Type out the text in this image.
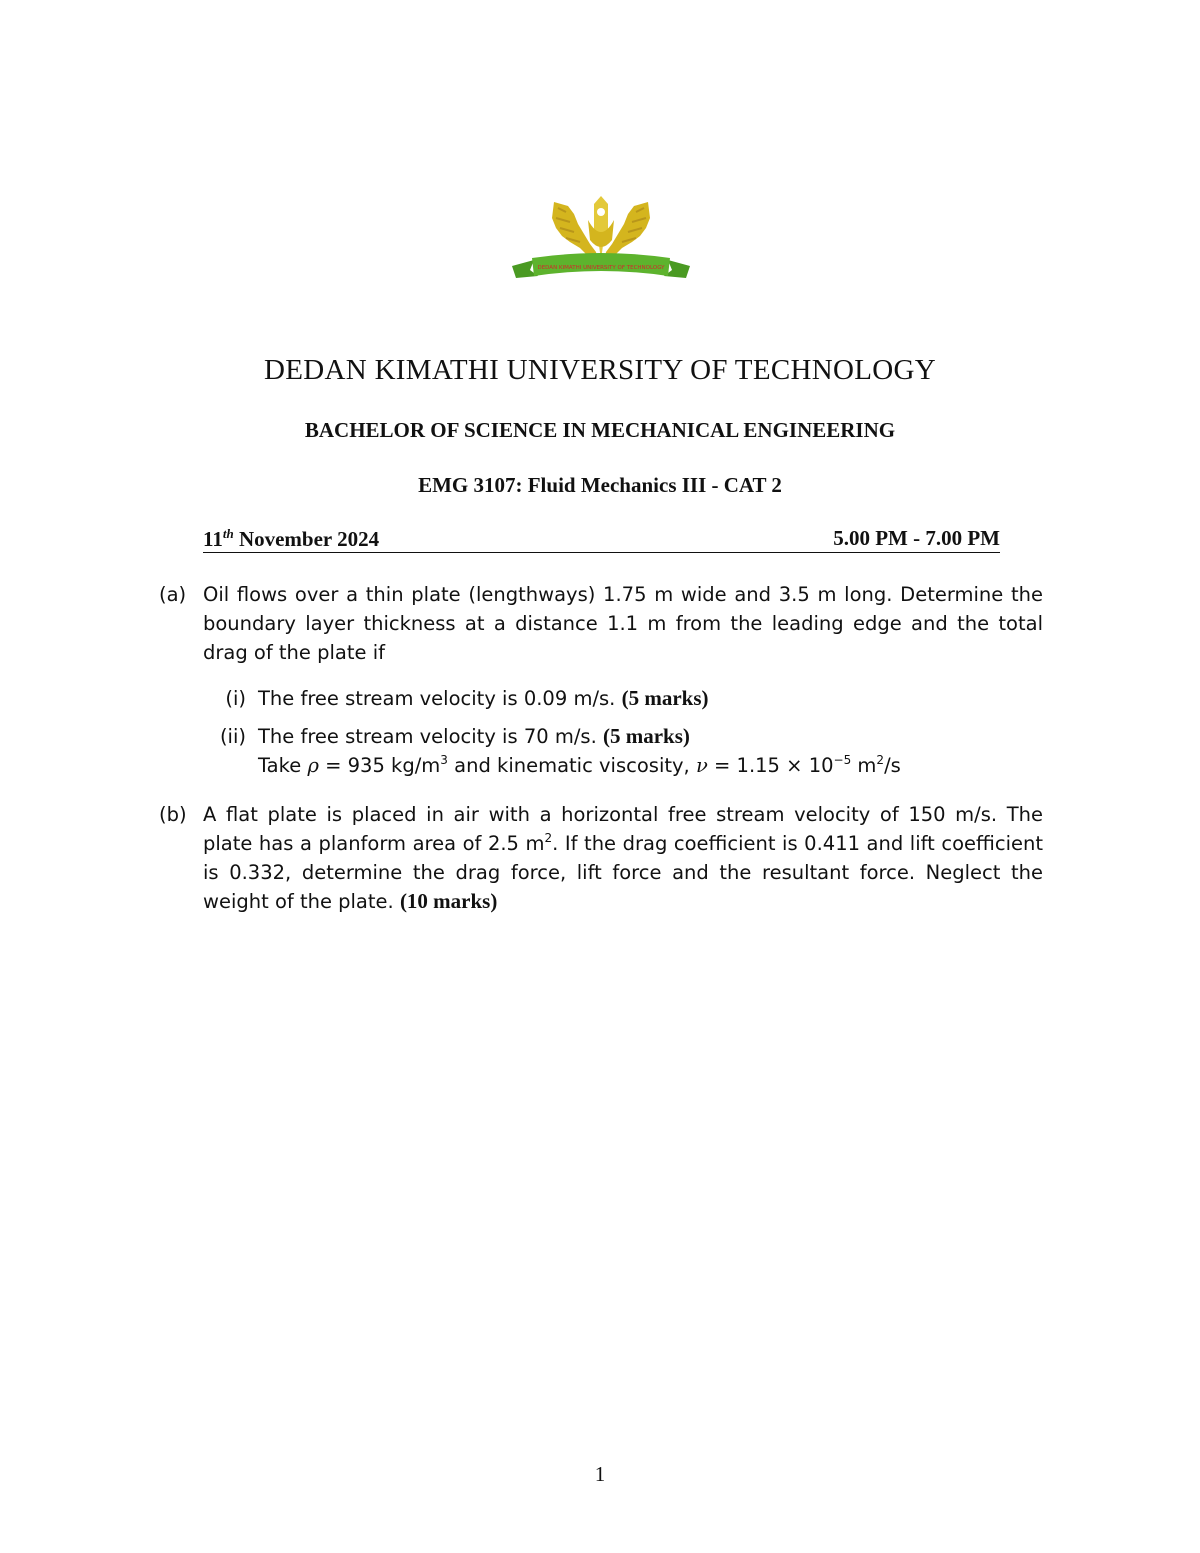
DEDAN KIMATHI UNIVERSITY OF TECHNOLOGY
DEDAN KIMATHI UNIVERSITY OF TECHNOLOGY
BACHELOR OF SCIENCE IN MECHANICAL ENGINEERING
EMG 3107: Fluid Mechanics III - CAT 2
11th November 2024	5.00 PM - 7.00 PM
(a) Oil flows over a thin plate (lengthways) 1.75 m wide and 3.5 m long. Determine the boundary layer thickness at a distance 1.1 m from the leading edge and the total drag of the plate if
(i) The free stream velocity is 0.09 m/s. (5 marks)
(ii) The free stream velocity is 70 m/s. (5 marks)
Take ρ = 935 $kg/m^3$ and kinematic viscosity, $\nu = 1.15 \times 10^{-5}$ $m^2/s$
(b) A flat plate is placed in air with a horizontal free stream velocity of 150 m/s. The plate has a planform area of 2.5 $m^2$. If the drag coefficient is 0.411 and lift coefficient is 0.332, determine the drag force, lift force and the resultant force. Neglect the weight of the plate. (10 marks)
1
